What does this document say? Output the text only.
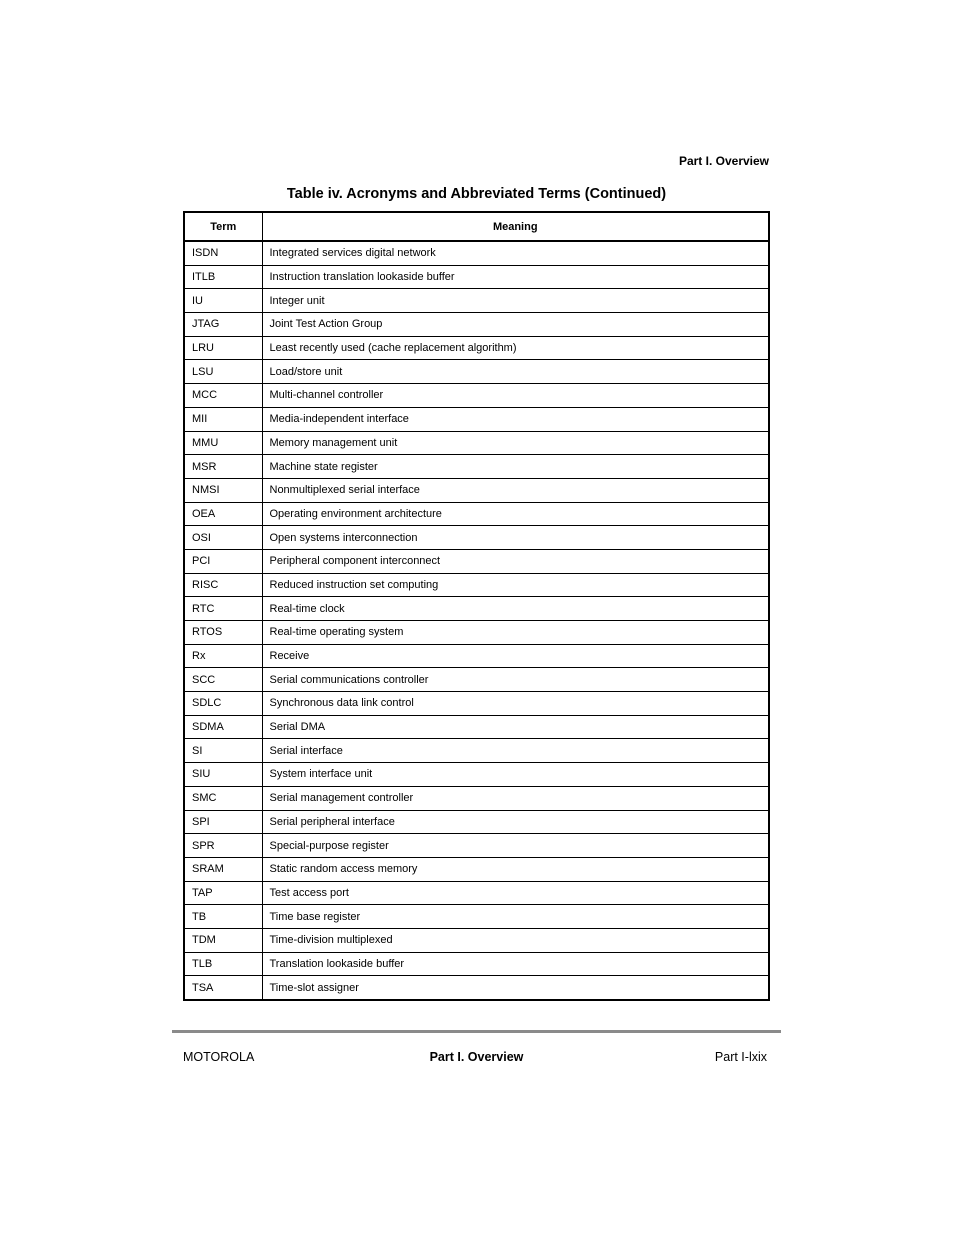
Part I. Overview
Table iv. Acronyms and Abbreviated Terms (Continued)
Term	Meaning
ISDN	Integrated services digital network
ITLB	Instruction translation lookaside buffer
IU	Integer unit
JTAG	Joint Test Action Group
LRU	Least recently used (cache replacement algorithm)
LSU	Load/store unit
MCC	Multi-channel controller
MII	Media-independent interface
MMU	Memory management unit
MSR	Machine state register
NMSI	Nonmultiplexed serial interface
OEA	Operating environment architecture
OSI	Open systems interconnection
PCI	Peripheral component interconnect
RISC	Reduced instruction set computing
RTC	Real-time clock
RTOS	Real-time operating system
Rx	Receive
SCC	Serial communications controller
SDLC	Synchronous data link control
SDMA	Serial DMA
SI	Serial interface
SIU	System interface unit
SMC	Serial management controller
SPI	Serial peripheral interface
SPR	Special-purpose register
SRAM	Static random access memory
TAP	Test access port
TB	Time base register
TDM	Time-division multiplexed
TLB	Translation lookaside buffer
TSA	Time-slot assigner
MOTOROLA	Part I. Overview	Part I-lxix
